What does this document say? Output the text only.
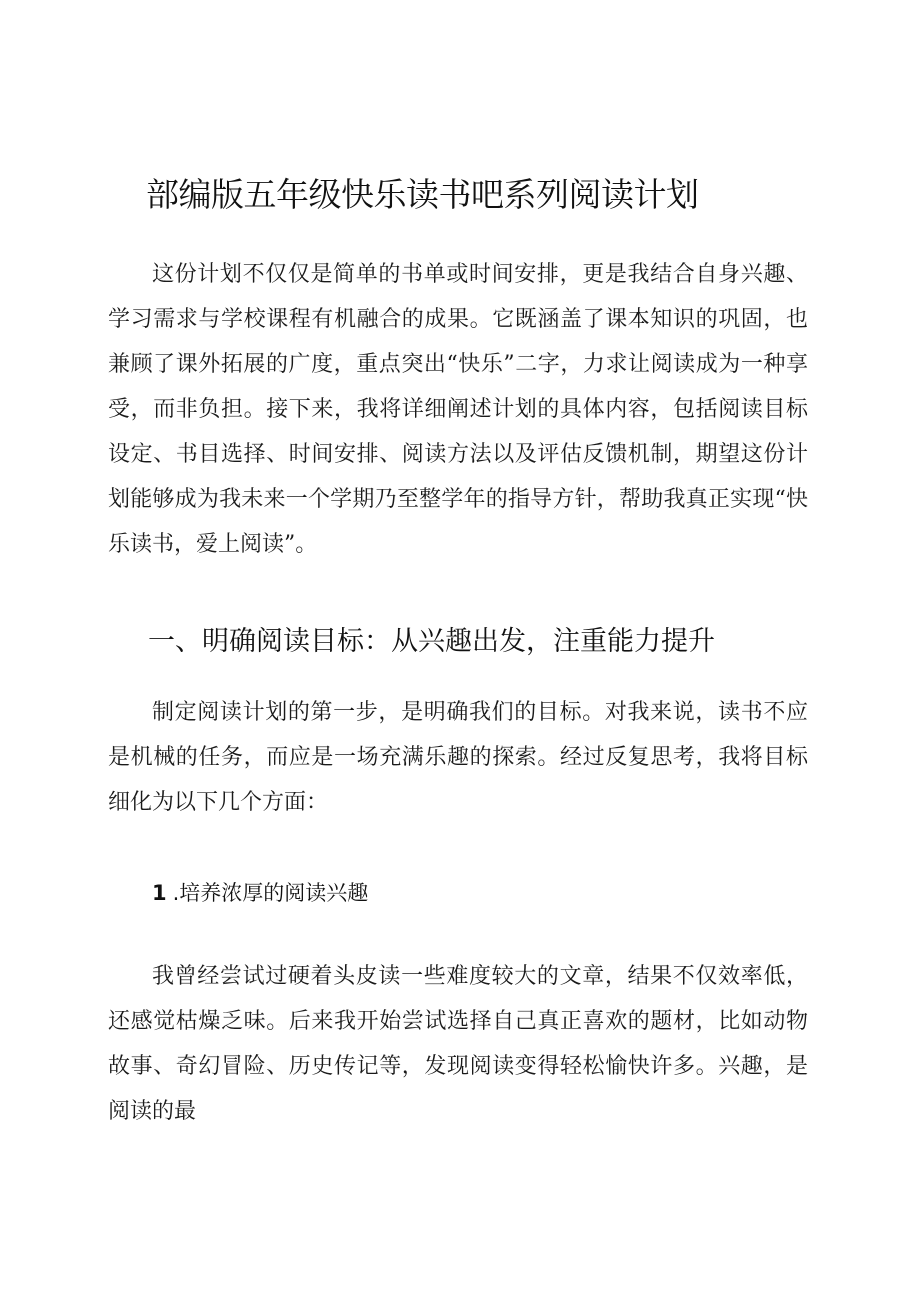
部编版五年级快乐读书吧系列阅读计划

这份计划不仅仅是简单的书单或时间安排，更是我结合自身兴趣、学习需求与学校课程有机融合的成果。它既涵盖了课本知识的巩固，也兼顾了课外拓展的广度，重点突出“快乐”二字，力求让阅读成为一种享受，而非负担。接下来，我将详细阐述计划的具体内容，包括阅读目标设定、书目选择、时间安排、阅读方法以及评估反馈机制，期望这份计划能够成为我未来一个学期乃至整学年的指导方针，帮助我真正实现“快乐读书，爱上阅读”。

一、明确阅读目标：从兴趣出发，注重能力提升

制定阅读计划的第一步，是明确我们的目标。对我来说，读书不应是机械的任务，而应是一场充满乐趣的探索。经过反复思考，我将目标细化为以下几个方面：

1 .培养浓厚的阅读兴趣

我曾经尝试过硬着头皮读一些难度较大的文章，结果不仅效率低，还感觉枯燥乏味。后来我开始尝试选择自己真正喜欢的题材，比如动物故事、奇幻冒险、历史传记等，发现阅读变得轻松愉快许多。兴趣，是阅读的最
